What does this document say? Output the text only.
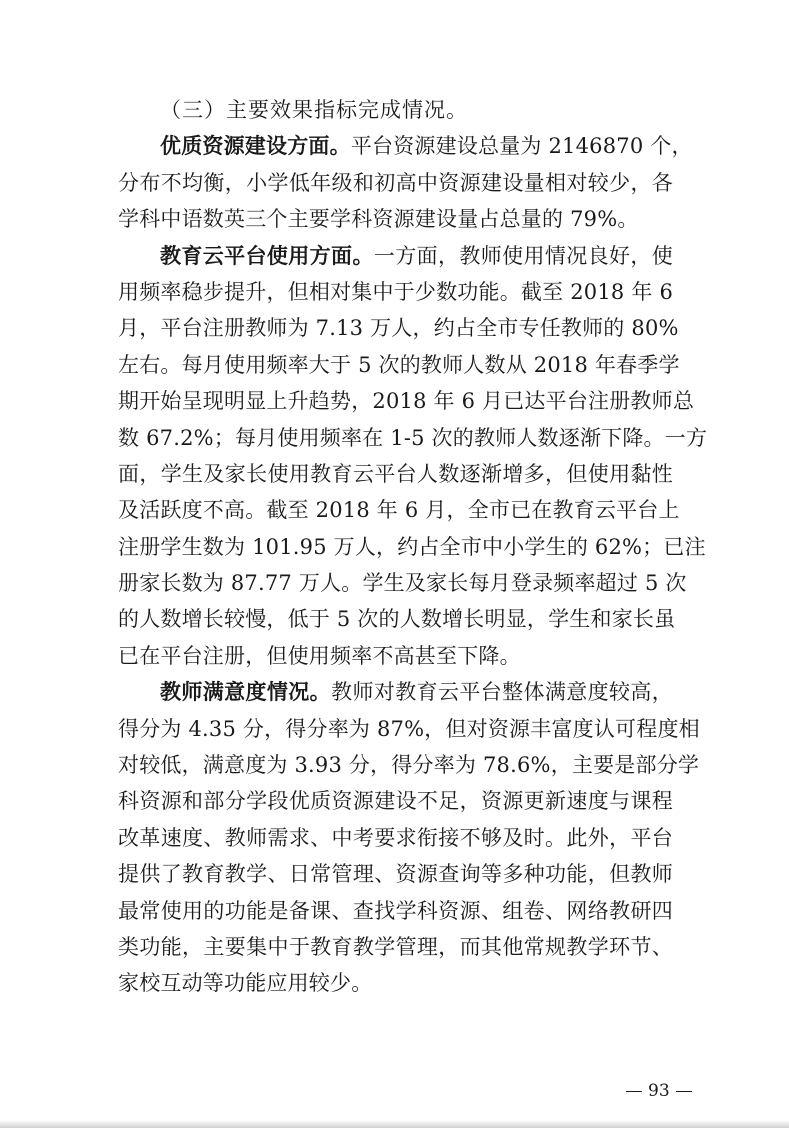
（三）主要效果指标完成情况。
优质资源建设方面。平台资源建设总量为 2146870 个，
分布不均衡，小学低年级和初高中资源建设量相对较少，各
学科中语数英三个主要学科资源建设量占总量的 79%。
教育云平台使用方面。一方面，教师使用情况良好，使
用频率稳步提升，但相对集中于少数功能。截至 2018 年 6
月，平台注册教师为 7.13 万人，约占全市专任教师的 80%
左右。每月使用频率大于 5 次的教师人数从 2018 年春季学
期开始呈现明显上升趋势，2018 年 6 月已达平台注册教师总
数 67.2%；每月使用频率在 1-5 次的教师人数逐渐下降。一方
面，学生及家长使用教育云平台人数逐渐增多，但使用黏性
及活跃度不高。截至 2018 年 6 月，全市已在教育云平台上
注册学生数为 101.95 万人，约占全市中小学生的 62%；已注
册家长数为 87.77 万人。学生及家长每月登录频率超过 5 次
的人数增长较慢，低于 5 次的人数增长明显，学生和家长虽
已在平台注册，但使用频率不高甚至下降。
教师满意度情况。教师对教育云平台整体满意度较高，
得分为 4.35 分，得分率为 87%，但对资源丰富度认可程度相
对较低，满意度为 3.93 分，得分率为 78.6%，主要是部分学
科资源和部分学段优质资源建设不足，资源更新速度与课程
改革速度、教师需求、中考要求衔接不够及时。此外，平台
提供了教育教学、日常管理、资源查询等多种功能，但教师
最常使用的功能是备课、查找学科资源、组卷、网络教研四
类功能，主要集中于教育教学管理，而其他常规教学环节、
家校互动等功能应用较少。
93
